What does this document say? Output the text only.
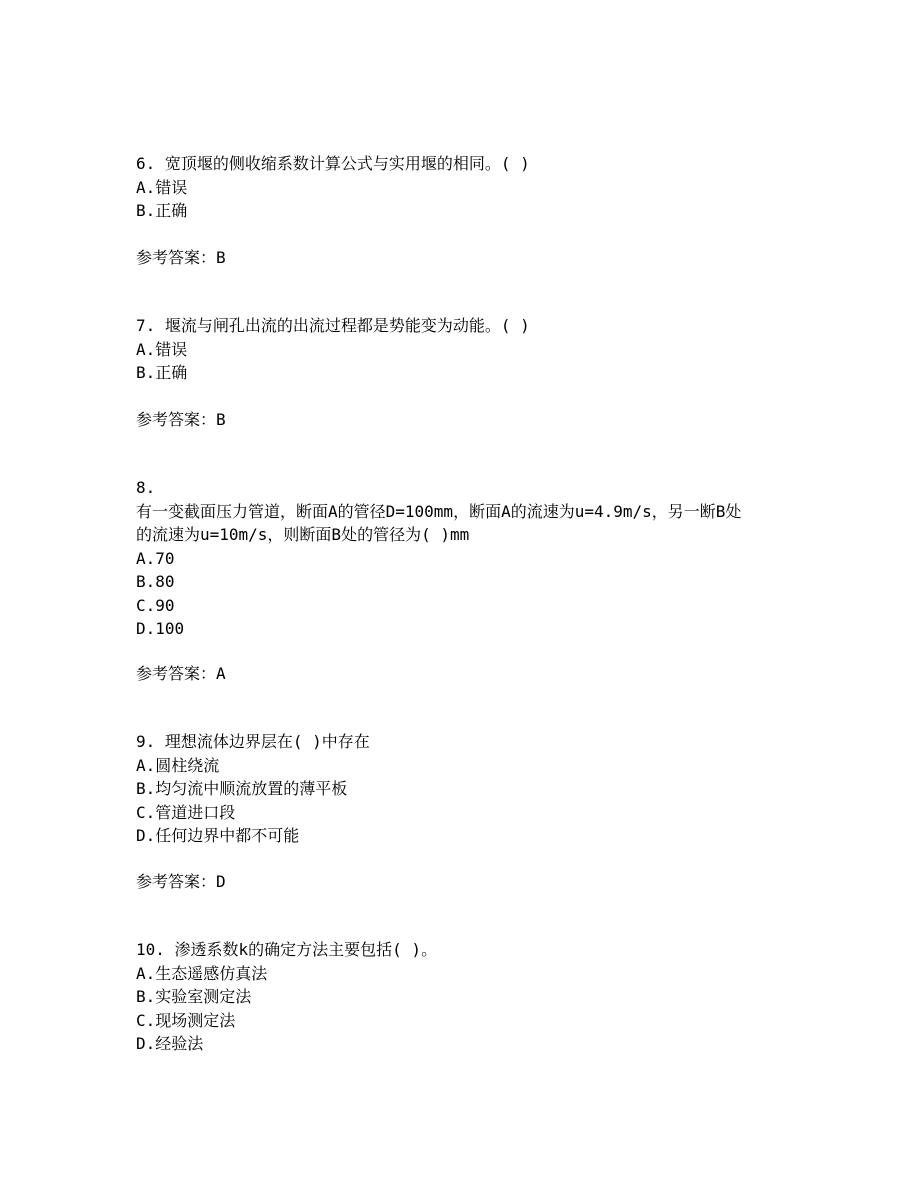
6. 宽顶堰的侧收缩系数计算公式与实用堰的相同。( )
A.错误
B.正确
参考答案：B
7. 堰流与闸孔出流的出流过程都是势能变为动能。( )
A.错误
B.正确
参考答案：B
8.
有一变截面压力管道，断面A的管径D=100mm，断面A的流速为u=4.9m/s，另一断B处
的流速为u=10m/s，则断面B处的管径为( )mm
A.70
B.80
C.90
D.100
参考答案：A
9. 理想流体边界层在( )中存在
A.圆柱绕流
B.均匀流中顺流放置的薄平板
C.管道进口段
D.任何边界中都不可能
参考答案：D
10. 渗透系数k的确定方法主要包括( )。
A.生态遥感仿真法
B.实验室测定法
C.现场测定法
D.经验法
